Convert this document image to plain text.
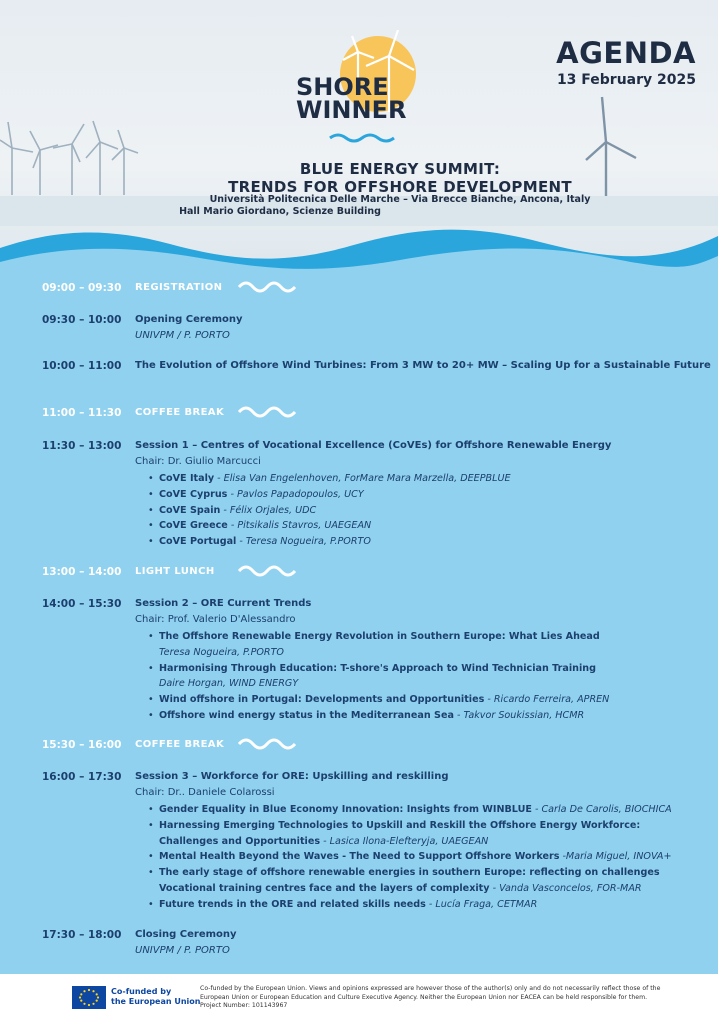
SHORE
WINNER
AGENDA
13 February 2025
BLUE ENERGY SUMMIT:
TRENDS FOR OFFSHORE DEVELOPMENT
Università Politecnica Delle Marche – Via Brecce Bianche, Ancona, Italy
Hall Mario Giordano, Scienze Building
09:00 – 09:30 REGISTRATION
09:30 – 10:00 Opening Ceremony
UNIVPM / P. PORTO
10:00 – 11:00 The Evolution of Offshore Wind Turbines: From 3 MW to 20+ MW – Scaling Up for a Sustainable Future
11:00 – 11:30 COFFEE BREAK
11:30 – 13:00 Session 1 – Centres of Vocational Excellence (CoVEs) for Offshore Renewable Energy
Chair: Dr. Giulio Marcucci
• CoVE Italy - Elisa Van Engelenhoven, ForMare Mara Marzella, DEEPBLUE
• CoVE Cyprus - Pavlos Papadopoulos, UCY
• CoVE Spain - Félix Orjales, UDC
• CoVE Greece - Pitsikalis Stavros, UAEGEAN
• CoVE Portugal - Teresa Nogueira, P.PORTO
13:00 – 14:00 LIGHT LUNCH
14:00 – 15:30 Session 2 – ORE Current Trends
Chair: Prof. Valerio D'Alessandro
• The Offshore Renewable Energy Revolution in Southern Europe: What Lies Ahead
Teresa Nogueira, P.PORTO
• Harmonising Through Education: T-shore's Approach to Wind Technician Training
Daire Horgan, WIND ENERGY
• Wind offshore in Portugal: Developments and Opportunities - Ricardo Ferreira, APREN
• Offshore wind energy status in the Mediterranean Sea - Takvor Soukissian, HCMR
15:30 – 16:00 COFFEE BREAK
16:00 – 17:30 Session 3 – Workforce for ORE: Upskilling and reskilling
Chair: Dr.. Daniele Colarossi
• Gender Equality in Blue Economy Innovation: Insights from WINBLUE - Carla De Carolis, BIOCHICA
• Harnessing Emerging Technologies to Upskill and Reskill the Offshore Energy Workforce:
Challenges and Opportunities - Lasica Ilona-Elefteryja, UAEGEAN
• Mental Health Beyond the Waves - The Need to Support Offshore Workers -Maria Miguel, INOVA+
• The early stage of offshore renewable energies in southern Europe: reflecting on challenges
Vocational training centres face and the layers of complexity - Vanda Vasconcelos, FOR-MAR
• Future trends in the ORE and related skills needs - Lucía Fraga, CETMAR
17:30 – 18:00 Closing Ceremony
UNIVPM / P. PORTO
Co-funded by
the European Union
Co-funded by the European Union. Views and opinions expressed are however those of the author(s) only and do not necessarily reflect those of the European Union or European Education and Culture Executive Agency. Neither the European Union nor EACEA can be held responsible for them. Project Number: 101143967
